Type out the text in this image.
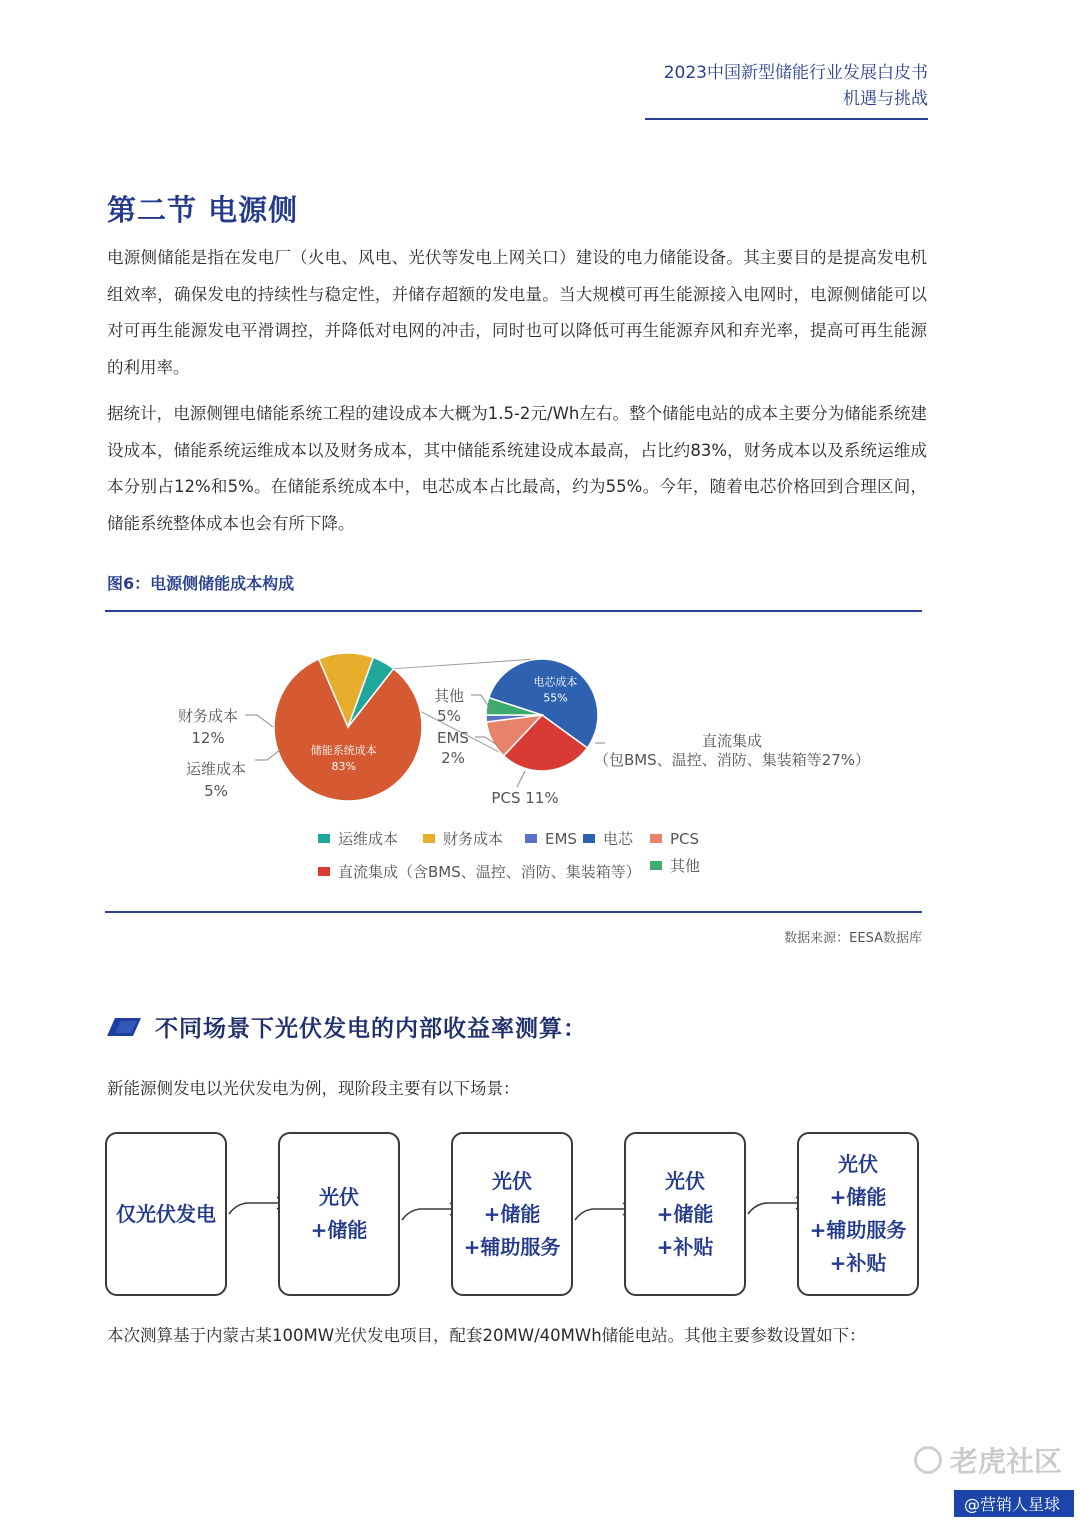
2023中国新型储能行业发展白皮书
机遇与挑战
第二节 电源侧
电源侧储能是指在发电厂（火电、风电、光伏等发电上网关口）建设的电力储能设备。其主要目的是提高发电机组效率，确保发电的持续性与稳定性，并储存超额的发电量。当大规模可再生能源接入电网时，电源侧储能可以对可再生能源发电平滑调控，并降低对电网的冲击，同时也可以降低可再生能源弃风和弃光率，提高可再生能源的利用率。
据统计，电源侧锂电储能系统工程的建设成本大概为1.5-2元/Wh左右。整个储能电站的成本主要分为储能系统建设成本，储能系统运维成本以及财务成本，其中储能系统建设成本最高，占比约83%，财务成本以及系统运维成本分别占12%和5%。在储能系统成本中，电芯成本占比最高，约为55%。今年，随着电芯价格回到合理区间，储能系统整体成本也会有所下降。
图6：电源侧储能成本构成
储能系统成本
83%
电芯成本
55%
财务成本
12%
运维成本
5%
其他
5%
EMS
2%
PCS 11%
直流集成
（包BMS、温控、消防、集装箱等27%）
运维成本	财务成本	EMS 电芯 PCS
直流集成（含BMS、温控、消防、集装箱等） 其他
数据来源：EESA数据库
不同场景下光伏发电的内部收益率测算：
新能源侧发电以光伏发电为例，现阶段主要有以下场景：
仅光伏发电
光伏
+储能
光伏
+储能
+辅助服务
光伏
+储能
+补贴
光伏
+储能
+辅助服务
+补贴
本次测算基于内蒙古某100MW光伏发电项目，配套20MW/40MWh储能电站。其他主要参数设置如下：
老虎社区
@营销人星球
